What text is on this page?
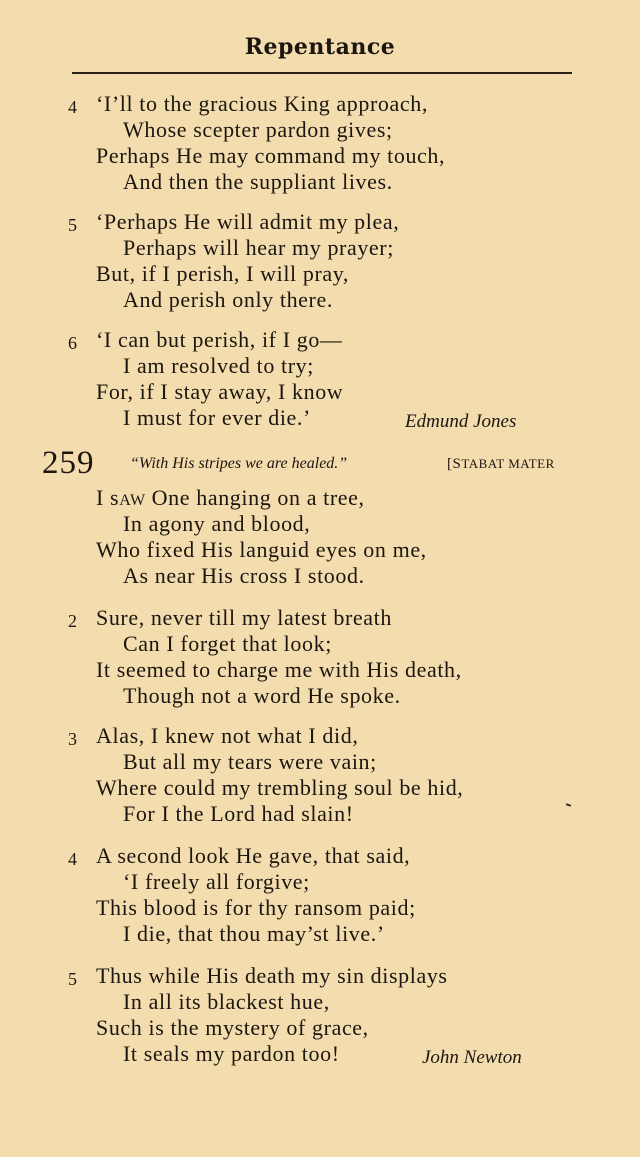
Repentance
4 ‘I’ll to the gracious King approach,
Whose scepter pardon gives;
Perhaps He may command my touch,
And then the suppliant lives.
5 ‘Perhaps He will admit my plea,
Perhaps will hear my prayer;
But, if I perish, I will pray,
And perish only there.
6 ‘I can but perish, if I go—
I am resolved to try;
For, if I stay away, I know
I must for ever die.’	Edmund Jones
259 “With His stripes we are healed.”	[STABAT MATER
I sAW One hanging on a tree,
In agony and blood,
Who fixed His languid eyes on me,
As near His cross I stood.
2 Sure, never till my latest breath
Can I forget that look;
It seemed to charge me with His death,
Though not a word He spoke.
3 Alas, I knew not what I did,
But all my tears were vain;
Where could my trembling soul be hid,
For I the Lord had slain!
4 A second look He gave, that said,
‘I freely all forgive;
This blood is for thy ransom paid;
I die, that thou may’st live.’
5 Thus while His death my sin displays
In all its blackest hue,
Such is the mystery of grace,
It seals my pardon too!	John Newton
